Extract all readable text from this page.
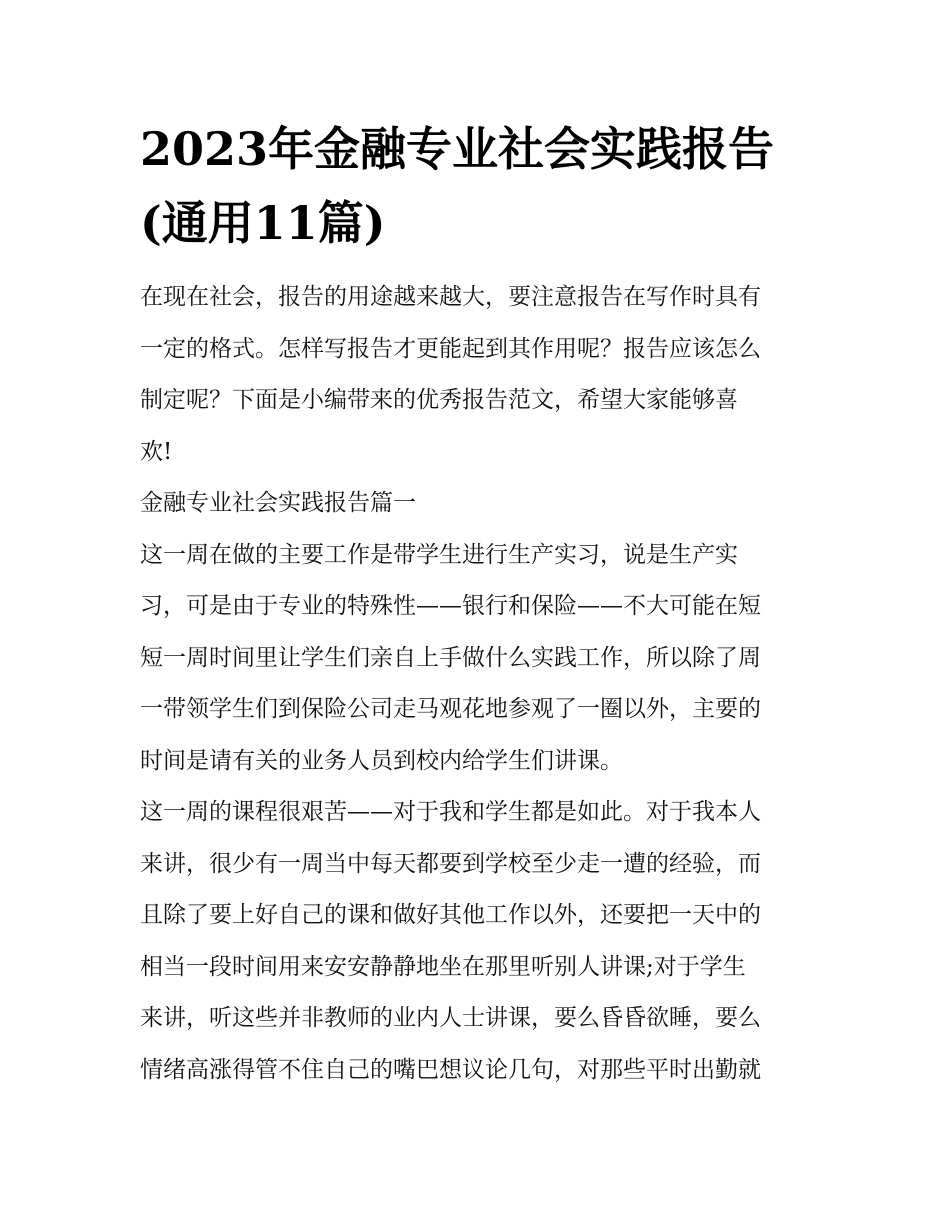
2023年金融专业社会实践报告
(通用11篇)

在现在社会，报告的用途越来越大，要注意报告在写作时具有
一定的格式。怎样写报告才更能起到其作用呢？报告应该怎么
制定呢？下面是小编带来的优秀报告范文，希望大家能够喜
欢!

金融专业社会实践报告篇一

这一周在做的主要工作是带学生进行生产实习，说是生产实
习，可是由于专业的特殊性——银行和保险——不大可能在短
短一周时间里让学生们亲自上手做什么实践工作，所以除了周
一带领学生们到保险公司走马观花地参观了一圈以外，主要的
时间是请有关的业务人员到校内给学生们讲课。

这一周的课程很艰苦——对于我和学生都是如此。对于我本人
来讲，很少有一周当中每天都要到学校至少走一遭的经验，而
且除了要上好自己的课和做好其他工作以外，还要把一天中的
相当一段时间用来安安静静地坐在那里听别人讲课;对于学生
来讲，听这些并非教师的业内人士讲课，要么昏昏欲睡，要么
情绪高涨得管不住自己的嘴巴想议论几句，对那些平时出勤就
